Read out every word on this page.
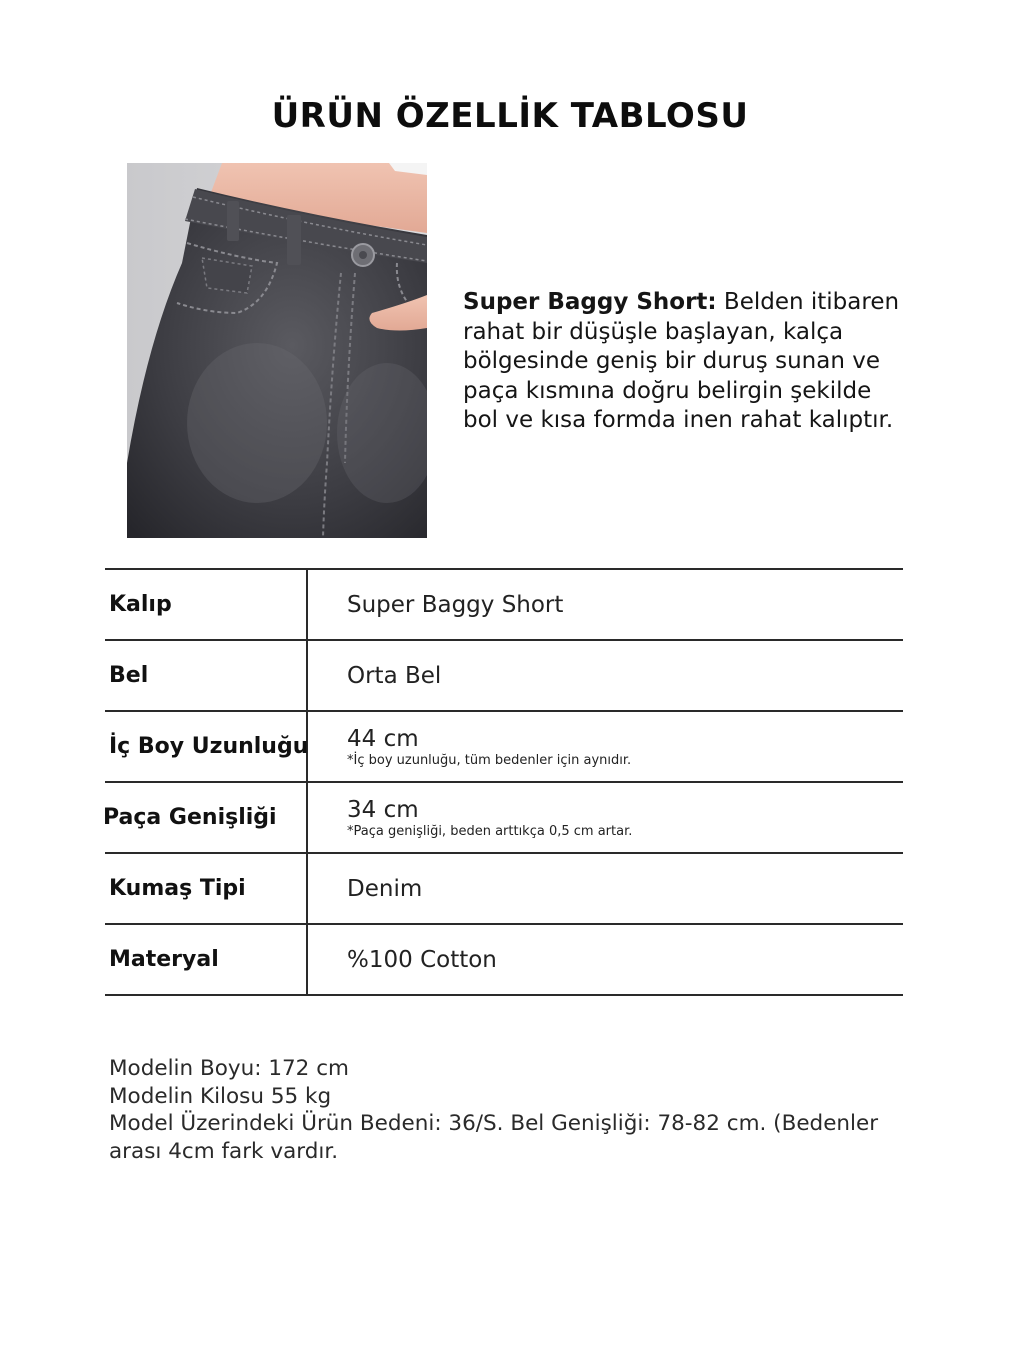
ÜRÜN ÖZELLİK TABLOSU
Super Baggy Short: Belden itibaren rahat bir düşüşle başlayan, kalça bölgesinde geniş bir duruş sunan ve paça kısmına doğru belirgin şekilde bol ve kısa formda inen rahat kalıptır.
Kalıp	Super Baggy Short
Bel	Orta Bel
İç Boy Uzunluğu 44 cm
*İç boy uzunluğu, tüm bedenler için aynıdır.
Paça Genişliği	34 cm
*Paça genişliği, beden arttıkça 0,5 cm artar.
Kumaş Tipi	Denim
Materyal	%100 Cotton
Modelin Boyu: 172 cm
Modelin Kilosu 55 kg
Model Üzerindeki Ürün Bedeni: 36/S. Bel Genişliği: 78-82 cm. (Bedenler arası 4cm fark vardır.
